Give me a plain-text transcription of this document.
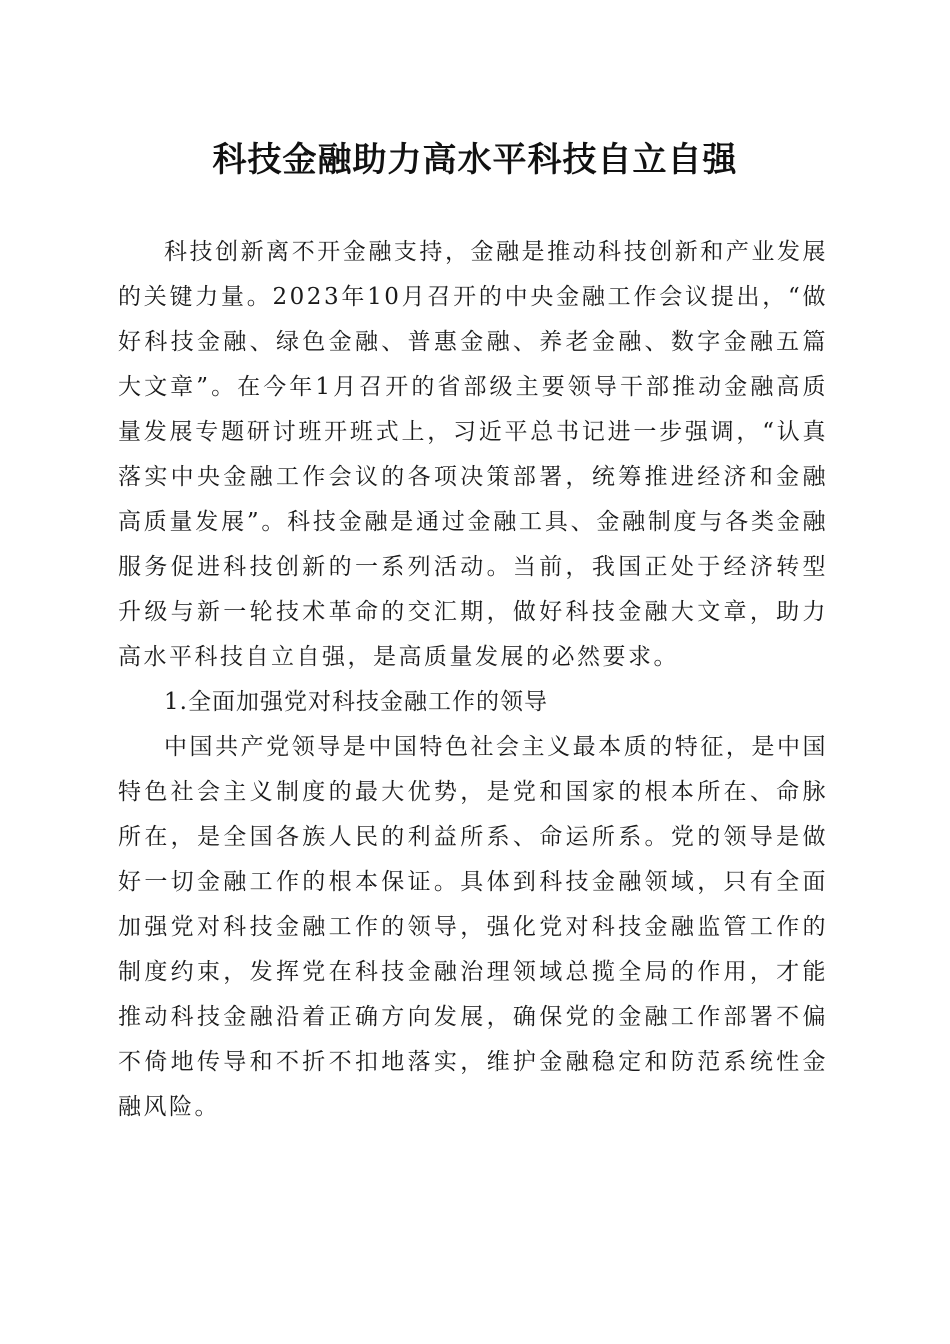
科技金融助力高水平科技自立自强

科技创新离不开金融支持，金融是推动科技创新和产业发展的关键力量。2023年10月召开的中央金融工作会议提出，“做好科技金融、绿色金融、普惠金融、养老金融、数字金融五篇大文章”。在今年1月召开的省部级主要领导干部推动金融高质量发展专题研讨班开班式上，习近平总书记进一步强调，“认真落实中央金融工作会议的各项决策部署，统筹推进经济和金融高质量发展”。科技金融是通过金融工具、金融制度与各类金融服务促进科技创新的一系列活动。当前，我国正处于经济转型升级与新一轮技术革命的交汇期，做好科技金融大文章，助力高水平科技自立自强，是高质量发展的必然要求。

1.全面加强党对科技金融工作的领导

中国共产党领导是中国特色社会主义最本质的特征，是中国特色社会主义制度的最大优势，是党和国家的根本所在、命脉所在，是全国各族人民的利益所系、命运所系。党的领导是做好一切金融工作的根本保证。具体到科技金融领域，只有全面加强党对科技金融工作的领导，强化党对科技金融监管工作的制度约束，发挥党在科技金融治理领域总揽全局的作用，才能推动科技金融沿着正确方向发展，确保党的金融工作部署不偏不倚地传导和不折不扣地落实，维护金融稳定和防范系统性金融风险。
